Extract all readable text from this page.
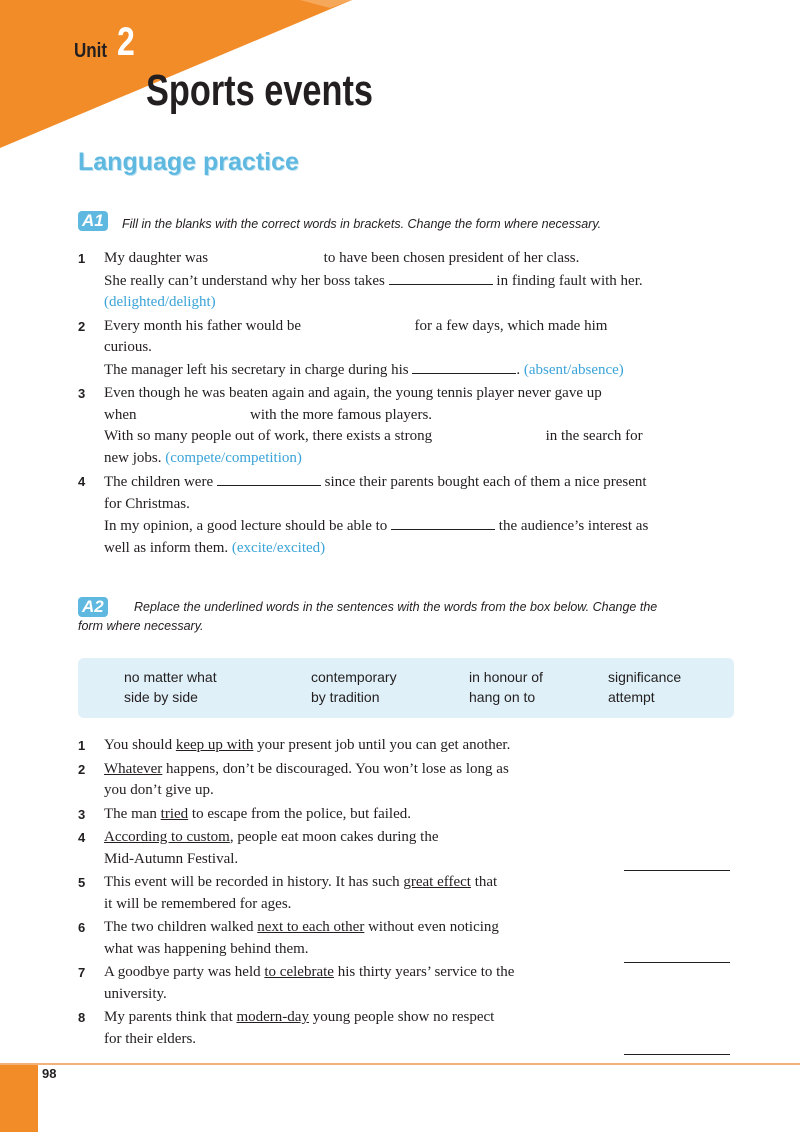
Unit 2
Sports events
Language practice
A1	Fill in the blanks with the correct words in brackets. Change the form where necessary.
1 My daughter was	to have been chosen president of her class.
She really can’t understand why her boss takes	in finding fault with her.
(delighted/delight)
2 Every month his father would be	for a few days, which made him
curious.
The manager left his secretary in charge during his	. (absent/absence)
3 Even though he was beaten again and again, the young tennis player never gave up
when	with the more famous players.
With so many people out of work, there exists a strong	in the search for
new jobs. (compete/competition)
4 The children were	since their parents bought each of them a nice present
for Christmas.
In my opinion, a good lecture should be able to	the audience’s interest as
well as inform them. (excite/excited)
A2	Replace the underlined words in the sentences with the words from the box below. Change the
form where necessary.
no matter what	contemporary	in honour of	significance
side by side	by tradition	hang on to	attempt
1 You should keep up with your present job until you can get another.
2 Whatever happens, don’t be discouraged. You won’t lose as long as
you don’t give up.
3 The man tried to escape from the police, but failed.
4 According to custom, people eat moon cakes during the
Mid-Autumn Festival.
5 This event will be recorded in history. It has such great effect that
it will be remembered for ages.
6 The two children walked next to each other without even noticing
what was happening behind them.
7 A goodbye party was held to celebrate his thirty years’ service to the
university.
8 My parents think that modern-day young people show no respect
for their elders.
98
